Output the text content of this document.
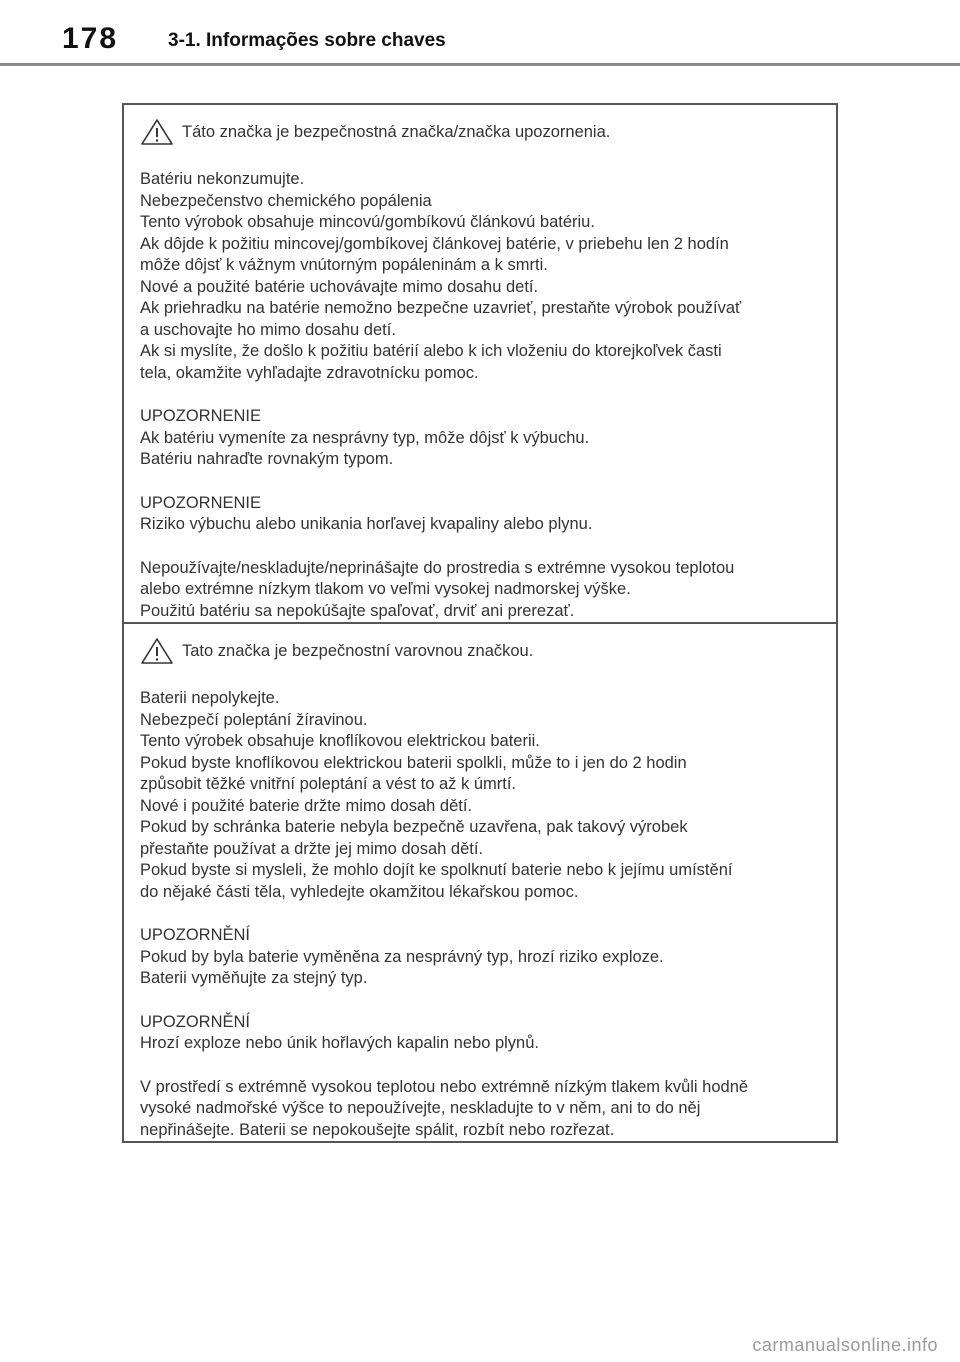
178	3-1. Informações sobre chaves
Táto značka je bezpečnostná značka/značka upozornenia.
Batériu nekonzumujte.
Nebezpečenstvo chemického popálenia
Tento výrobok obsahuje mincovú/gombíkovú článkovú batériu.
Ak dôjde k požitiu mincovej/gombíkovej článkovej batérie, v priebehu len 2 hodín
môže dôjsť k vážnym vnútorným popáleninám a k smrti.
Nové a použité batérie uchovávajte mimo dosahu detí.
Ak priehradku na batérie nemožno bezpečne uzavrieť, prestaňte výrobok používať
a uschovajte ho mimo dosahu detí.
Ak si myslíte, že došlo k požitiu batérií alebo k ich vloženiu do ktorejkoľvek časti
tela, okamžite vyhľadajte zdravotnícku pomoc.
UPOZORNENIE
Ak batériu vymeníte za nesprávny typ, môže dôjsť k výbuchu.
Batériu nahraďte rovnakým typom.
UPOZORNENIE
Riziko výbuchu alebo unikania horľavej kvapaliny alebo plynu.
Nepoužívajte/neskladujte/neprinášajte do prostredia s extrémne vysokou teplotou
alebo extrémne nízkym tlakom vo veľmi vysokej nadmorskej výške.
Použitú batériu sa nepokúšajte spaľovať, drviť ani prerezať.
Tato značka je bezpečnostní varovnou značkou.
Baterii nepolykejte.
Nebezpečí poleptání žíravinou.
Tento výrobek obsahuje knoflíkovou elektrickou baterii.
Pokud byste knoflíkovou elektrickou baterii spolkli, může to i jen do 2 hodin
způsobit těžké vnitřní poleptání a vést to až k úmrtí.
Nové i použité baterie držte mimo dosah dětí.
Pokud by schránka baterie nebyla bezpečně uzavřena, pak takový výrobek
přestaňte používat a držte jej mimo dosah dětí.
Pokud byste si mysleli, že mohlo dojít ke spolknutí baterie nebo k jejímu umístění
do nějaké části těla, vyhledejte okamžitou lékařskou pomoc.
UPOZORNĚNÍ
Pokud by byla baterie vyměněna za nesprávný typ, hrozí riziko exploze.
Baterii vyměňujte za stejný typ.
UPOZORNĚNÍ
Hrozí exploze nebo únik hořlavých kapalin nebo plynů.
V prostředí s extrémně vysokou teplotou nebo extrémně nízkým tlakem kvůli hodně
vysoké nadmořské výšce to nepoužívejte, neskladujte to v něm, ani to do něj
nepřinášejte. Baterii se nepokoušejte spálit, rozbít nebo rozřezat.
carmanualsonline.info
